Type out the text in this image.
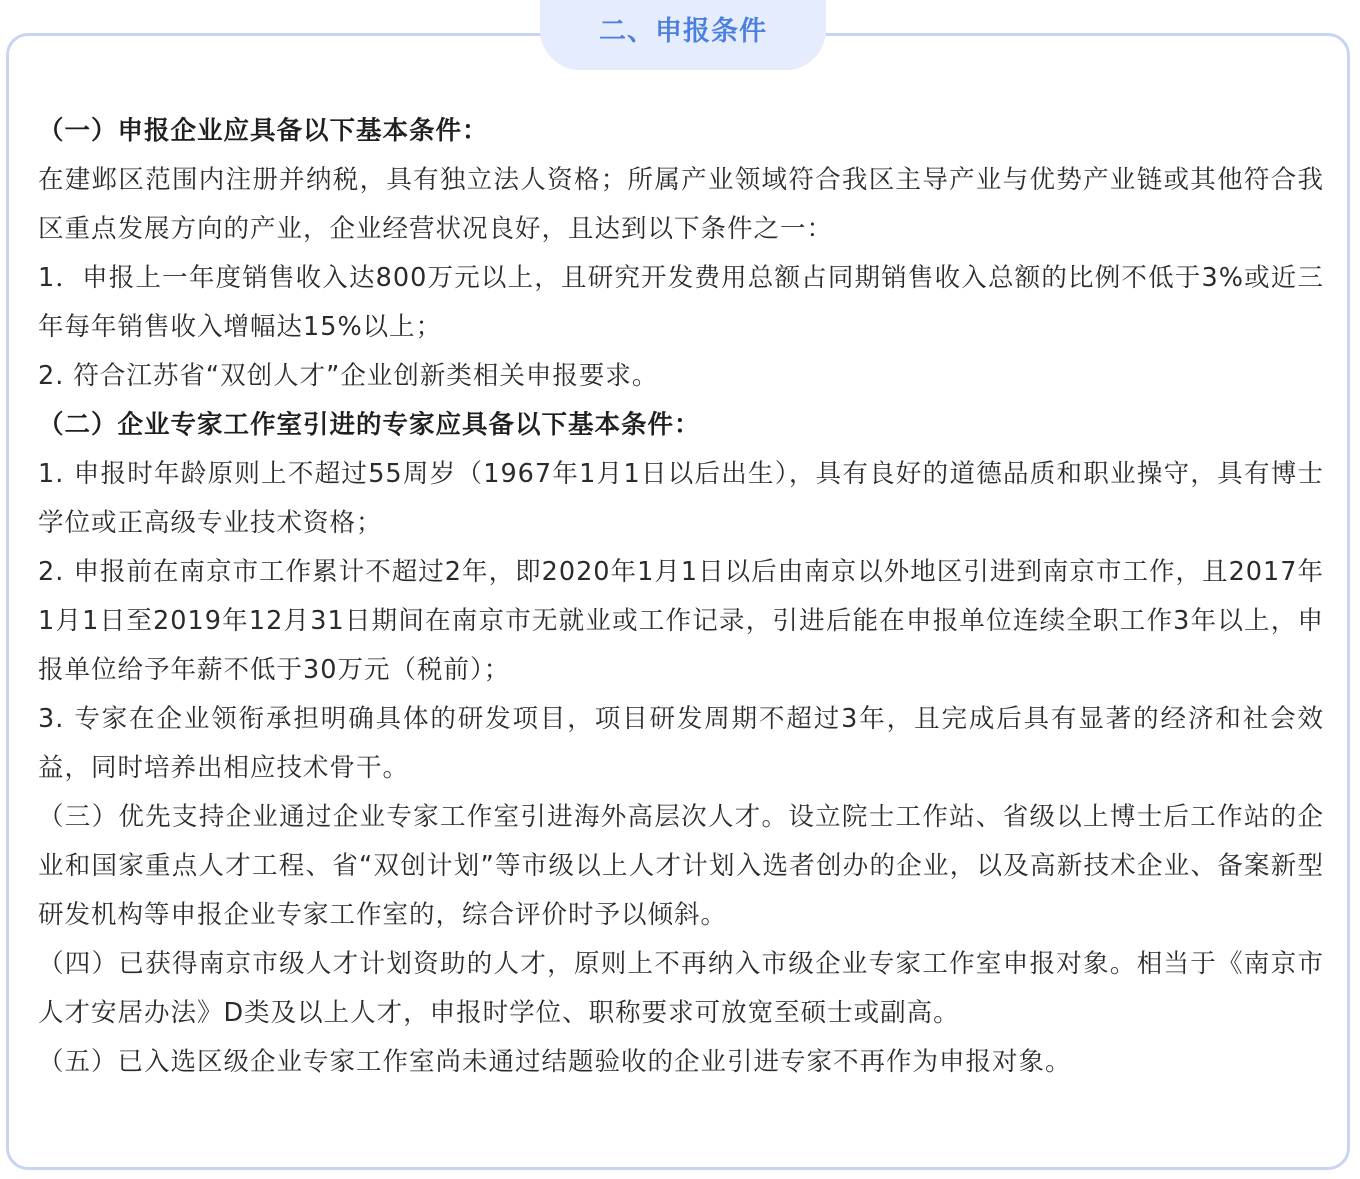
二、申报条件

（一）申报企业应具备以下基本条件：

在建邺区范围内注册并纳税，具有独立法人资格；所属产业领域符合我区主导产业与优势产业链或其他符合我区重点发展方向的产业，企业经营状况良好，且达到以下条件之一：

1．申报上一年度销售收入达800万元以上，且研究开发费用总额占同期销售收入总额的比例不低于3%或近三年每年销售收入增幅达15%以上；

2. 符合江苏省“双创人才”企业创新类相关申报要求。

（二）企业专家工作室引进的专家应具备以下基本条件：

1. 申报时年龄原则上不超过55周岁（1967年1月1日以后出生），具有良好的道德品质和职业操守，具有博士学位或正高级专业技术资格；

2. 申报前在南京市工作累计不超过2年，即2020年1月1日以后由南京以外地区引进到南京市工作，且2017年1月1日至2019年12月31日期间在南京市无就业或工作记录，引进后能在申报单位连续全职工作3年以上，申报单位给予年薪不低于30万元（税前）；

3. 专家在企业领衔承担明确具体的研发项目，项目研发周期不超过3年，且完成后具有显著的经济和社会效益，同时培养出相应技术骨干。

（三）优先支持企业通过企业专家工作室引进海外高层次人才。设立院士工作站、省级以上博士后工作站的企业和国家重点人才工程、省“双创计划”等市级以上人才计划入选者创办的企业，以及高新技术企业、备案新型研发机构等申报企业专家工作室的，综合评价时予以倾斜。

（四）已获得南京市级人才计划资助的人才，原则上不再纳入市级企业专家工作室申报对象。相当于《南京市人才安居办法》D类及以上人才，申报时学位、职称要求可放宽至硕士或副高。

（五）已入选区级企业专家工作室尚未通过结题验收的企业引进专家不再作为申报对象。
